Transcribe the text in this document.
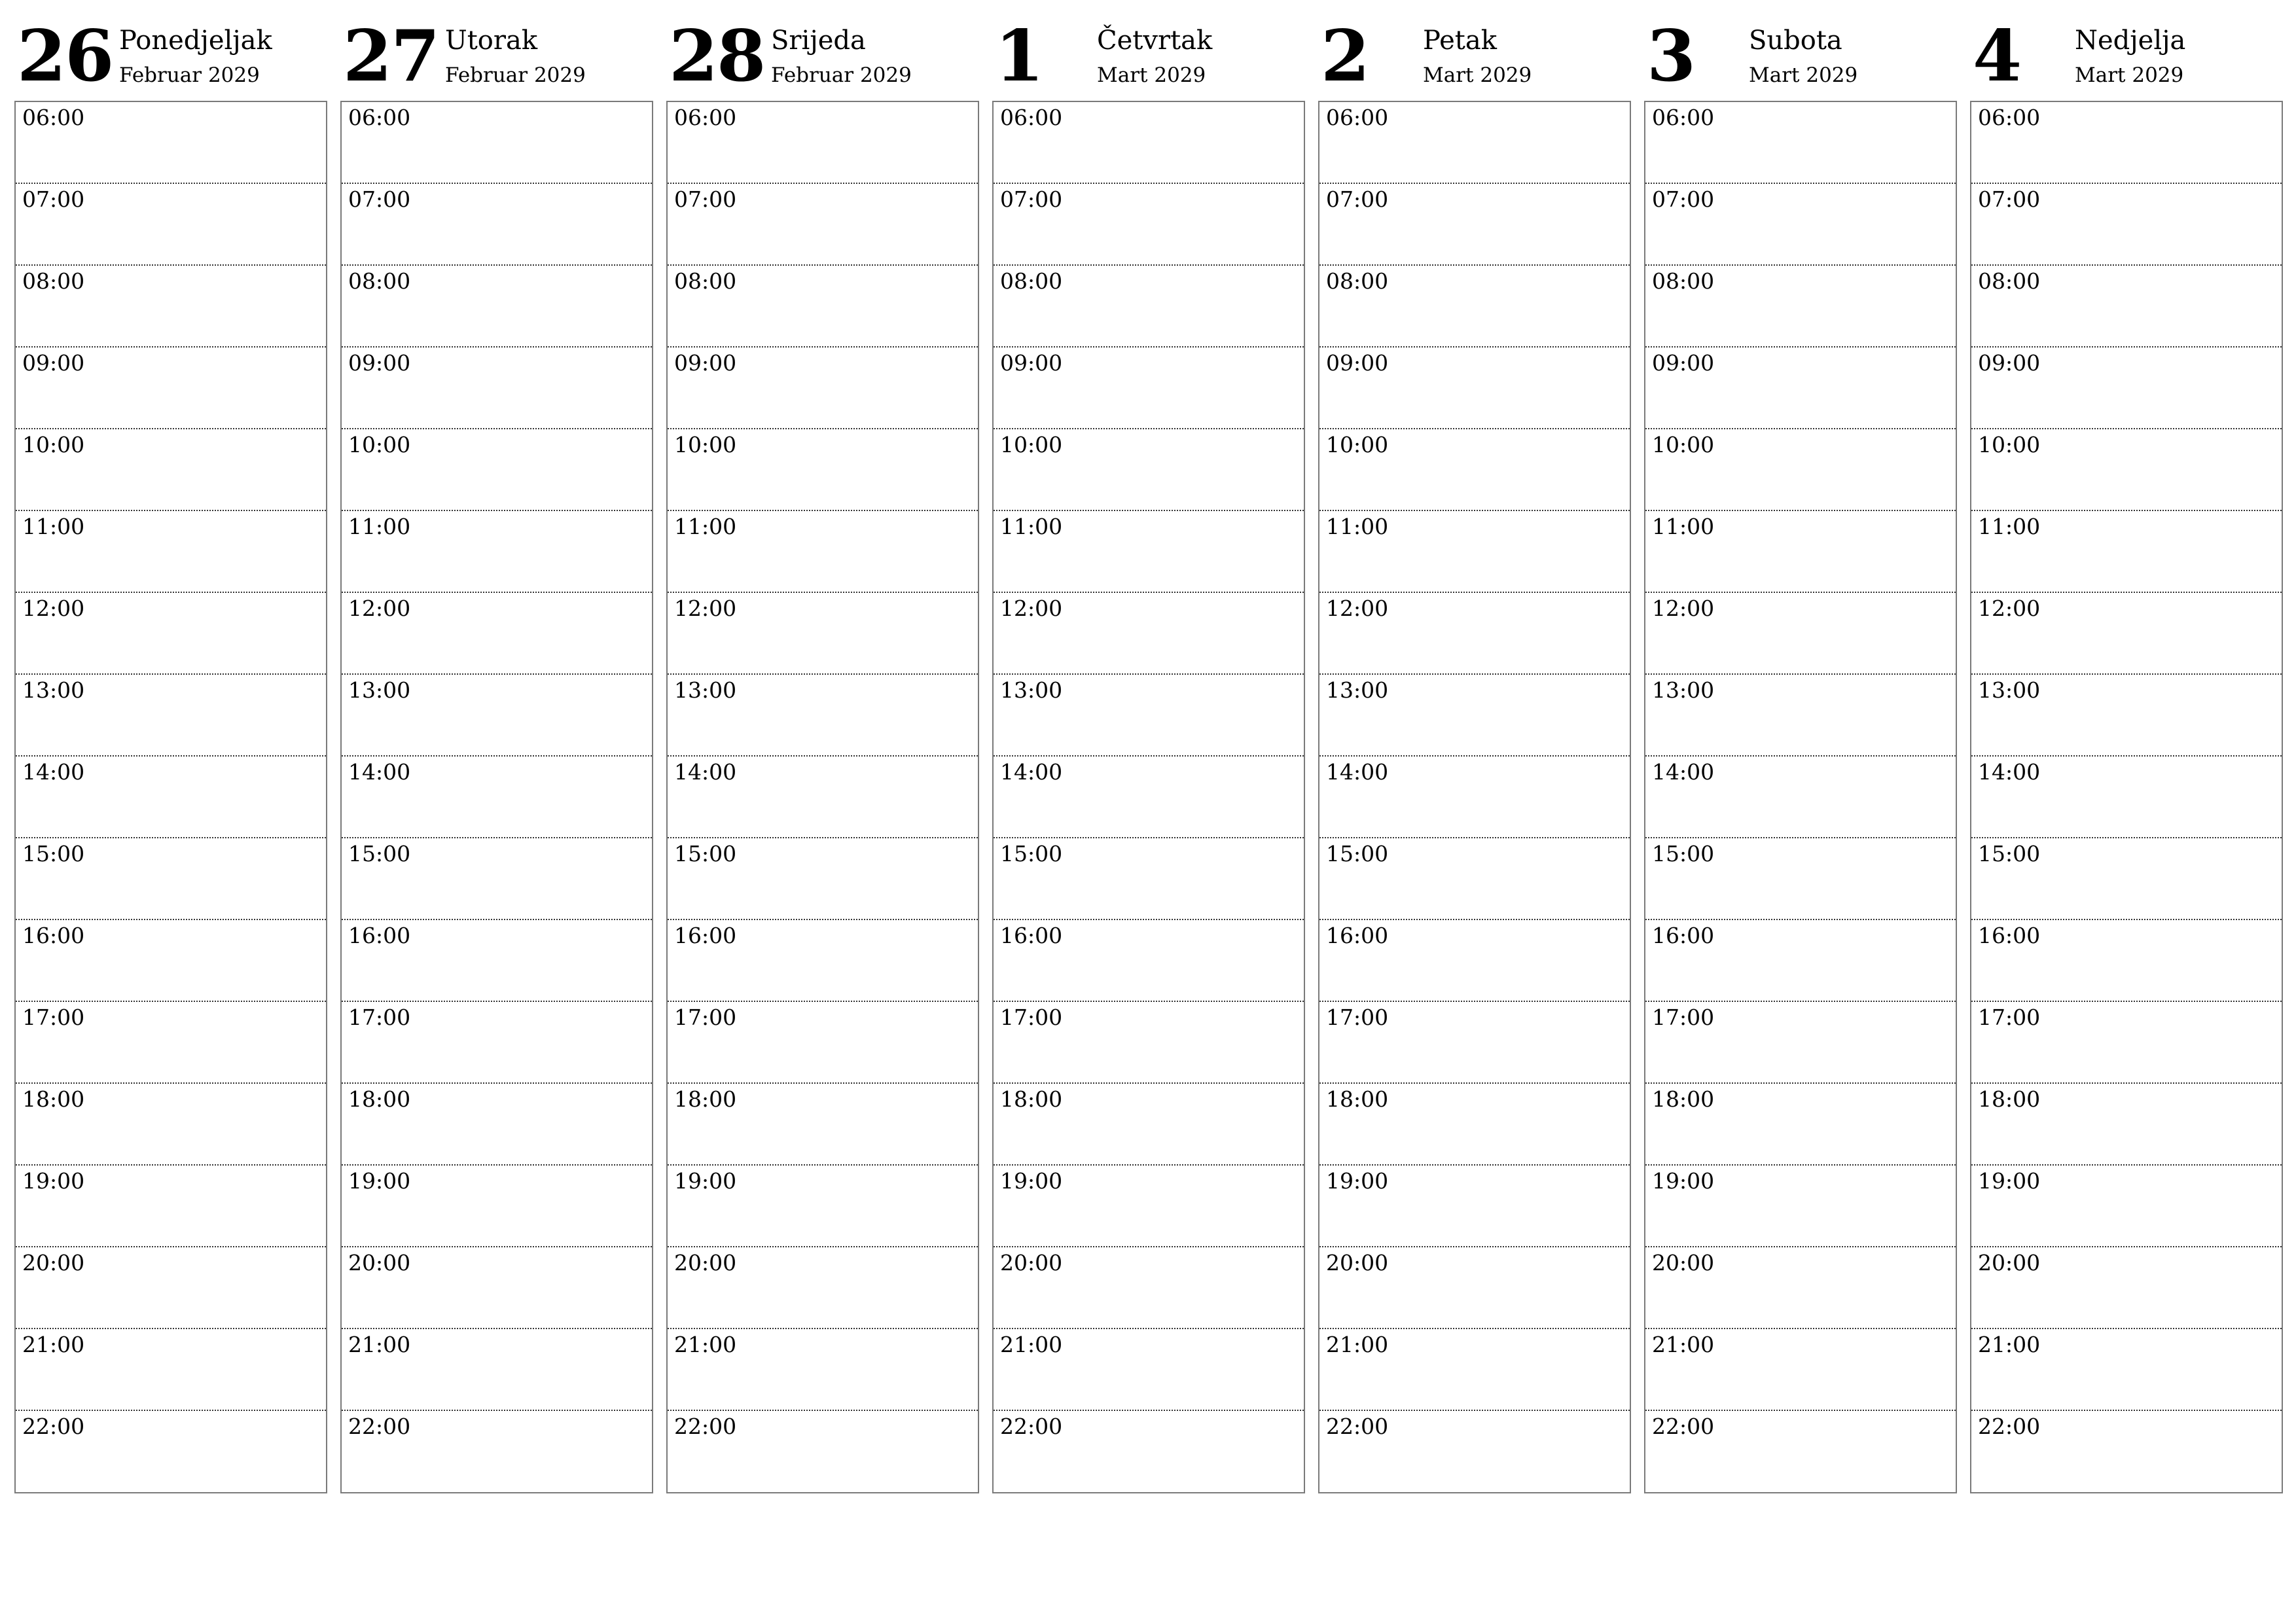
26 Ponedjeljak
Februar 2029
06:00
07:00
08:00
09:00
10:00
11:00
12:00
13:00
14:00
15:00
16:00
17:00
18:00
19:00
20:00
21:00
22:00
27 Utorak
Februar 2029
06:00
07:00
08:00
09:00
10:00
11:00
12:00
13:00
14:00
15:00
16:00
17:00
18:00
19:00
20:00
21:00
22:00
28 Srijeda
Februar 2029
06:00
07:00
08:00
09:00
10:00
11:00
12:00
13:00
14:00
15:00
16:00
17:00
18:00
19:00
20:00
21:00
22:00
1 Četvrtak
Mart 2029
06:00
07:00
08:00
09:00
10:00
11:00
12:00
13:00
14:00
15:00
16:00
17:00
18:00
19:00
20:00
21:00
22:00
2 Petak
Mart 2029
06:00
07:00
08:00
09:00
10:00
11:00
12:00
13:00
14:00
15:00
16:00
17:00
18:00
19:00
20:00
21:00
22:00
3 Subota
Mart 2029
06:00
07:00
08:00
09:00
10:00
11:00
12:00
13:00
14:00
15:00
16:00
17:00
18:00
19:00
20:00
21:00
22:00
4 Nedjelja
Mart 2029
06:00
07:00
08:00
09:00
10:00
11:00
12:00
13:00
14:00
15:00
16:00
17:00
18:00
19:00
20:00
21:00
22:00
